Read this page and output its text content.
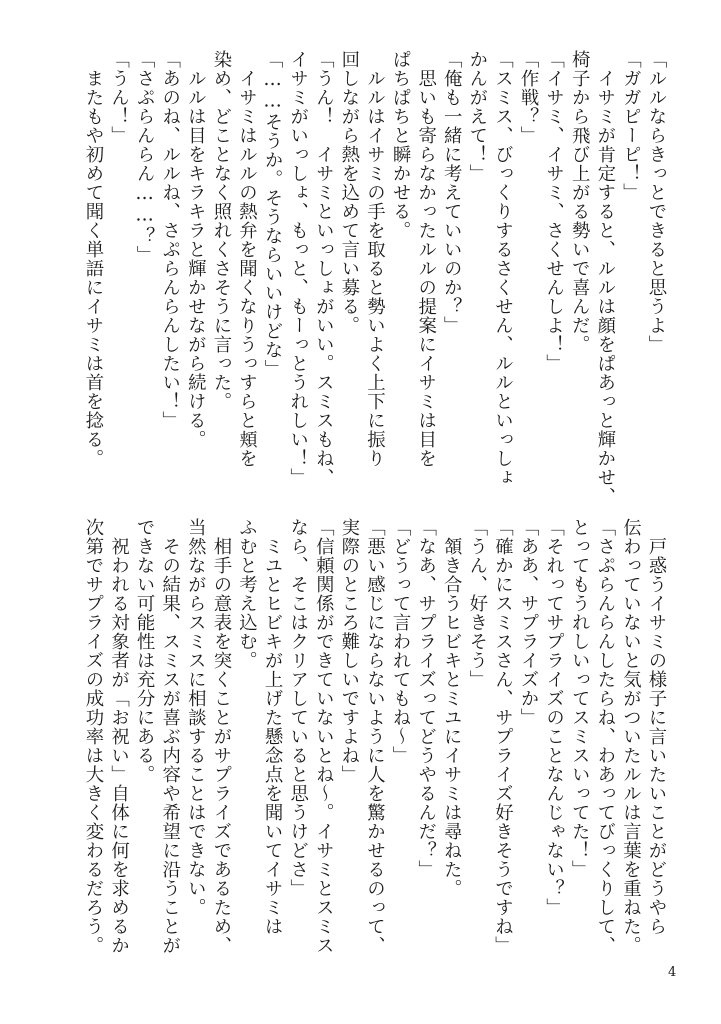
「ルルならきっとできると思うよ」
「ガガピーピ！」
　イサミが肯定すると、ルルは顔をぱあっと輝かせ、
椅子から飛び上がる勢いで喜んだ。
「イサミ、イサミ、さくせんしよ！」
「作戦？」
「スミス、びっくりするさくせん、ルルといっしょ
かんがえて！」
「俺も一緒に考えていいのか？」
　思いも寄らなかったルルの提案にイサミは目を
ぱちぱちと瞬かせる。
　ルルはイサミの手を取ると勢いよく上下に振り
回しながら熱を込めて言い募る。
「うん！　イサミといっしょがいい。スミスもね、
イサミがいっしょ、もっと、もーっとうれしい！」
「……そうか。そうならいいけどな」
　イサミはルルの熱弁を聞くなりうっすらと頬を
染め、どことなく照れくさそうに言った。
　ルルは目をキラキラと輝かせながら続ける。
「あのね、ルルね、さぷらんらんしたい！」
「さぷらんらん……？」
「うん！」
　またもや初めて聞く単語にイサミは首を捻る。
　戸惑うイサミの様子に言いたいことがどうやら
伝わっていないと気がついたルルは言葉を重ねた。
「さぷらんらんしたらね、わあってびっくりして、
とってもうれしいってスミスいってた！」
「それってサプライズのことなんじゃない？」
「ああ、サプライズか」
「確かにスミスさん、サプライズ好きそうですね」
「うん、好きそう」
　頷き合うヒビキとミユにイサミは尋ねた。
「なあ、サプライズってどうやるんだ？」
「どうって言われてもね～」
「悪い感じにならないように人を驚かせるのって、
実際のところ難しいですよね」
「信頼関係ができていないとね～。イサミとスミス
なら、そこはクリアしていると思うけどさ」
　ミユとヒビキが上げた懸念点を聞いてイサミは
ふむと考え込む。
　相手の意表を突くことがサプライズであるため、
当然ながらスミスに相談することはできない。
　その結果、スミスが喜ぶ内容や希望に沿うことが
できない可能性は充分にある。
　祝われる対象者が「お祝い」自体に何を求めるか
次第でサプライズの成功率は大きく変わるだろう。
4
